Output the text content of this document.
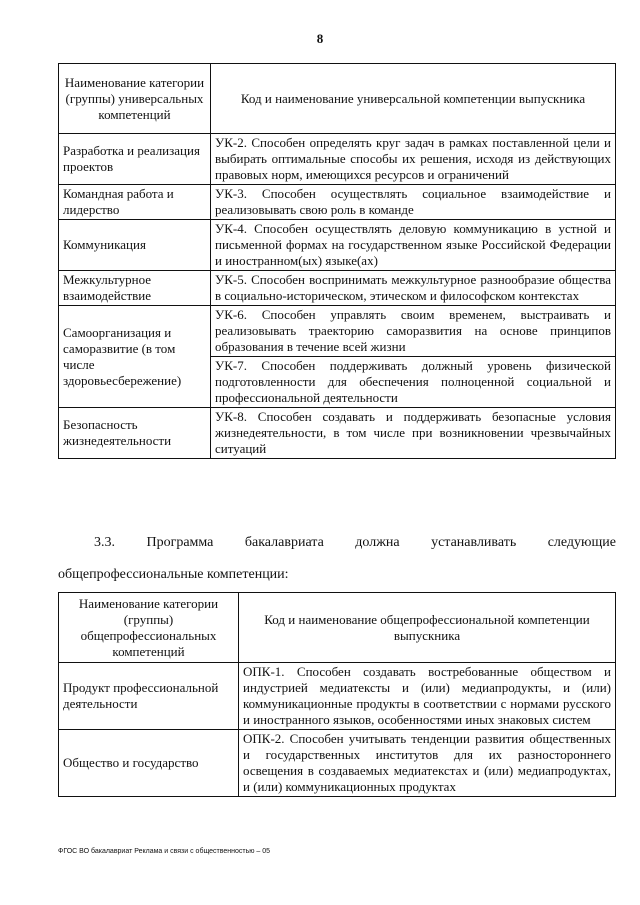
8
Наименование категории (группы) универсальных компетенций	Код и наименование универсальной компетенции выпускника
Разработка и реализация проектов	УК-2. Способен определять круг задач в рамках поставленной цели и выбирать оптимальные способы их решения, исходя из действующих правовых норм, имеющихся ресурсов и ограничений
Командная работа и лидерство	УК-3. Способен осуществлять социальное взаимодействие и реализовывать свою роль в команде
Коммуникация	УК-4. Способен осуществлять деловую коммуникацию в устной и письменной формах на государственном языке Российской Федерации и иностранном(ых) языке(ах)
Межкультурное взаимодействие	УК-5. Способен воспринимать межкультурное разнообразие общества в социально-историческом, этическом и философском контекстах
Самоорганизация и саморазвитие (в том числе здоровьесбережение)	УК-6. Способен управлять своим временем, выстраивать и реализовывать траекторию саморазвития на основе принципов образования в течение всей жизни
	УК-7. Способен поддерживать должный уровень физической подготовленности для обеспечения полноценной социальной и профессиональной деятельности
Безопасность жизнедеятельности	УК-8. Способен создавать и поддерживать безопасные условия жизнедеятельности, в том числе при возникновении чрезвычайных ситуаций
3.3. Программа бакалавриата должна устанавливать следующие
общепрофессиональные компетенции:
Наименование категории (группы) общепрофессиональных компетенций	Код и наименование общепрофессиональной компетенции выпускника
Продукт профессиональной деятельности	ОПК-1. Способен создавать востребованные обществом и индустрией медиатексты и (или) медиапродукты, и (или) коммуникационные продукты в соответствии с нормами русского и иностранного языков, особенностями иных знаковых систем
Общество и государство	ОПК-2. Способен учитывать тенденции развития общественных и государственных институтов для их разностороннего освещения в создаваемых медиатекстах и (или) медиапродуктах, и (или) коммуникационных продуктах
ФГОС ВО бакалавриат Реклама и связи с общественностью – 05
